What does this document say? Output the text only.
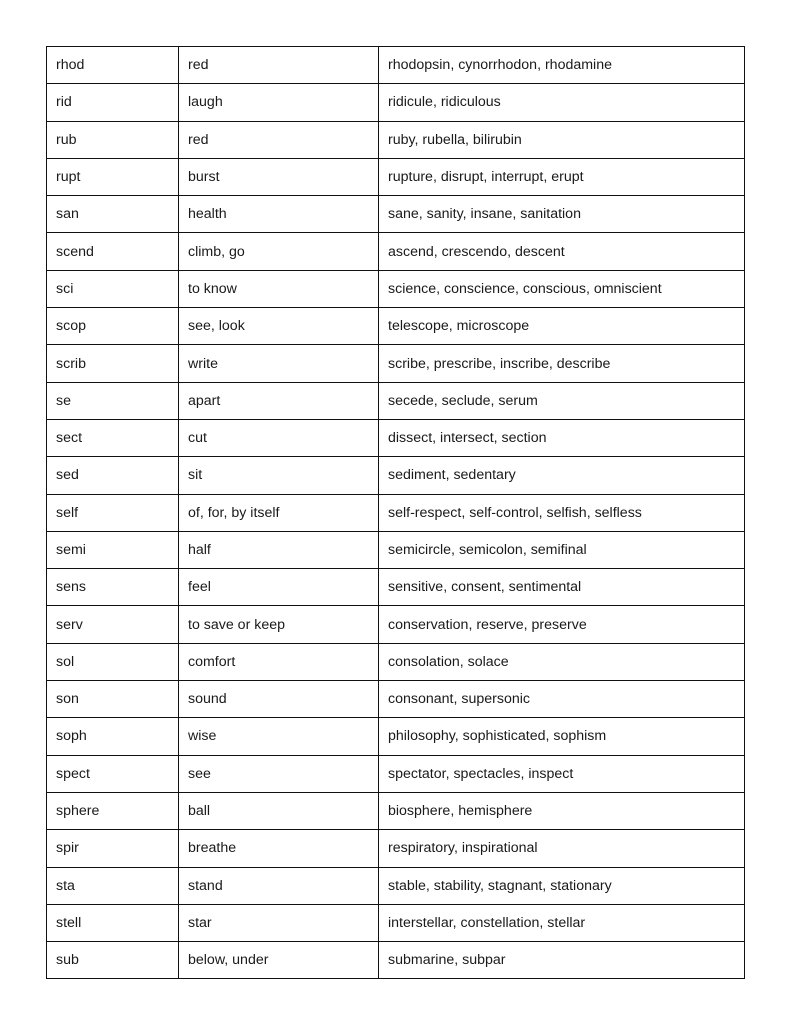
rhod	red	rhodopsin, cynorrhodon, rhodamine
rid	laugh	ridicule, ridiculous
rub	red	ruby, rubella, bilirubin
rupt	burst	rupture, disrupt, interrupt, erupt
san	health	sane, sanity, insane, sanitation
scend	climb, go	ascend, crescendo, descent
sci	to know	science, conscience, conscious, omniscient
scop	see, look	telescope, microscope
scrib	write	scribe, prescribe, inscribe, describe
se	apart	secede, seclude, serum
sect	cut	dissect, intersect, section
sed	sit	sediment, sedentary
self	of, for, by itself	self-respect, self-control, selfish, selfless
semi	half	semicircle, semicolon, semifinal
sens	feel	sensitive, consent, sentimental
serv	to save or keep	conservation, reserve, preserve
sol	comfort	consolation, solace
son	sound	consonant, supersonic
soph	wise	philosophy, sophisticated, sophism
spect	see	spectator, spectacles, inspect
sphere	ball	biosphere, hemisphere
spir	breathe	respiratory, inspirational
sta	stand	stable, stability, stagnant, stationary
stell	star	interstellar, constellation, stellar
sub	below, under	submarine, subpar
